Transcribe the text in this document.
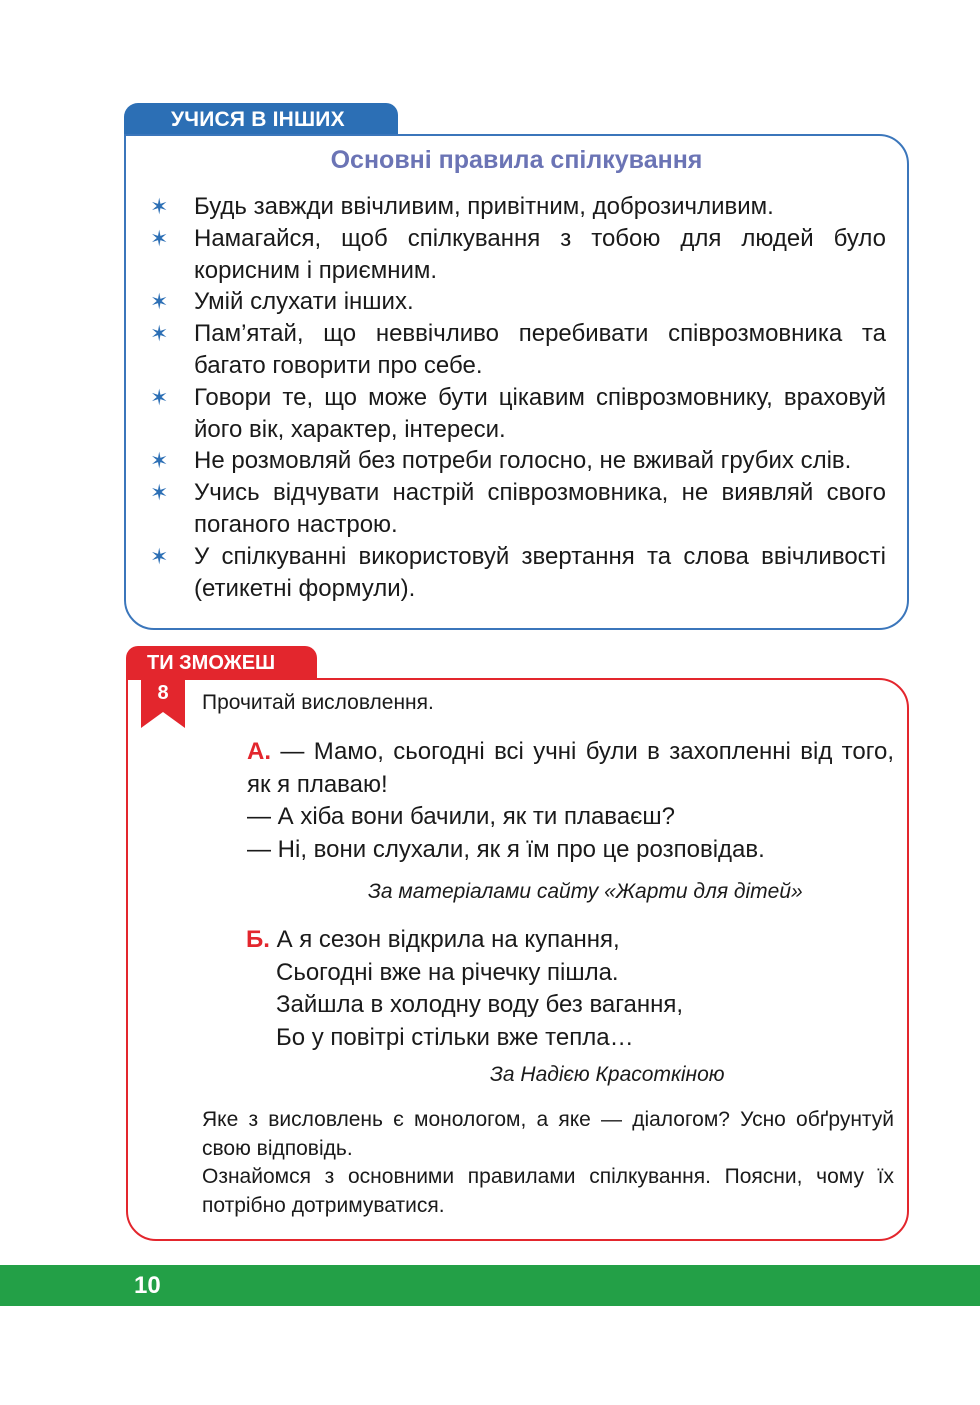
УЧИСЯ В ІНШИХ
Основні правила спілкування
✶ Будь завжди ввічливим, привітним, доброзичливим.
✶ Намагайся, щоб спілкування з тобою для людей було корисним і приємним.
✶ Умій слухати інших.
✶ Пам’ятай, що неввічливо перебивати співрозмовника та багато говорити про себе.
✶ Говори те, що може бути цікавим співрозмовнику, враховуй його вік, характер, інтереси.
✶ Не розмовляй без потреби голосно, не вживай грубих слів.
✶ Учись відчувати настрій співрозмовника, не виявляй свого поганого настрою.
✶ У спілкуванні використовуй звертання та слова ввічливості (етикетні формули).
ТИ ЗМОЖЕШ
8	Прочитай висловлення.

А. — Мамо, сьогодні всі учні були в захопленні від того, як я плаваю!

— А хіба вони бачили, як ти плаваєш?

— Ні, вони слухали, як я їм про це розповідав.

За матеріалами сайту «Жарти для дітей»

Б. А я сезон відкрила на купання,
Сьогодні вже на річечку пішла.
Зайшла в холодну воду без вагання,
Бо у повітрі стільки вже тепла…

За Надією Красоткіною

Яке з висловлень є монологом, а яке — діалогом? Усно обґрунтуй свою відповідь.

Ознайомся з основними правилами спілкування. Поясни, чому їх потрібно дотримуватися.

10
